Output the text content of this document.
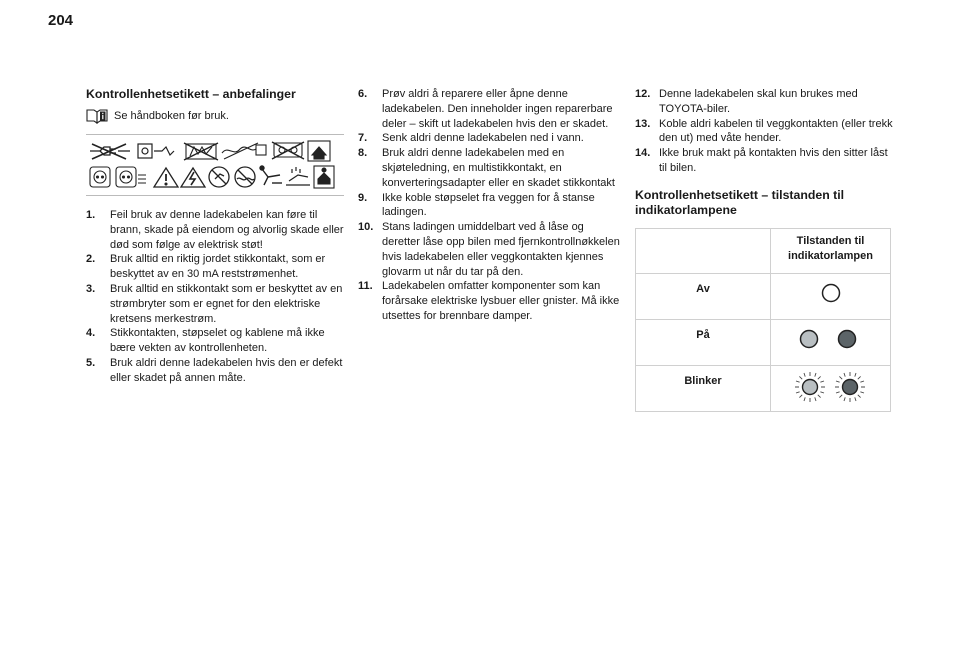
204
Kontrollenhetsetikett – anbefalinger
Se håndboken før bruk.
1.	Feil bruk av denne ladekabelen kan føre til brann, skade på eiendom og alvorlig skade eller død som følge av elektrisk støt!
2.	Bruk alltid en riktig jordet stikkontakt, som er beskyttet av en 30 mA reststrømenhet.
3.	Bruk alltid en stikkontakt som er beskyttet av en strømbryter som er egnet for den elektriske kretsens merkestrøm.
4.	Stikkontakten, støpselet og kablene må ikke bære vekten av kontrollenheten.
5.	Bruk aldri denne ladekabelen hvis den er defekt eller skadet på annen måte.
6.	Prøv aldri å reparere eller åpne denne ladekabelen. Den inneholder ingen reparerbare deler – skift ut ladekabelen hvis den er skadet.
7.	Senk aldri denne ladekabelen ned i vann.
8.	Bruk aldri denne ladekabelen med en skjøteledning, en multistikkontakt, en konverteringsadapter eller en skadet stikkontakt
9.	Ikke koble støpselet fra veggen for å stanse ladingen.
10. Stans ladingen umiddelbart ved å låse og deretter låse opp bilen med fjernkontrollnøkkelen hvis ladekabelen eller veggkontakten kjennes glovarm ut når du tar på den.
11. Ladekabelen omfatter komponenter som kan forårsake elektriske lysbuer eller gnister. Må ikke utsettes for brennbare damper.
12. Denne ladekabelen skal kun brukes med TOYOTA-biler.
13. Koble aldri kabelen til veggkontakten (eller trekk den ut) med våte hender.
14. Ikke bruk makt på kontakten hvis den sitter låst til bilen.
Kontrollenhetsetikett – tilstanden til indikatorlampene
	Tilstanden til indikatorlampen
Av	
På	
Blinker	
